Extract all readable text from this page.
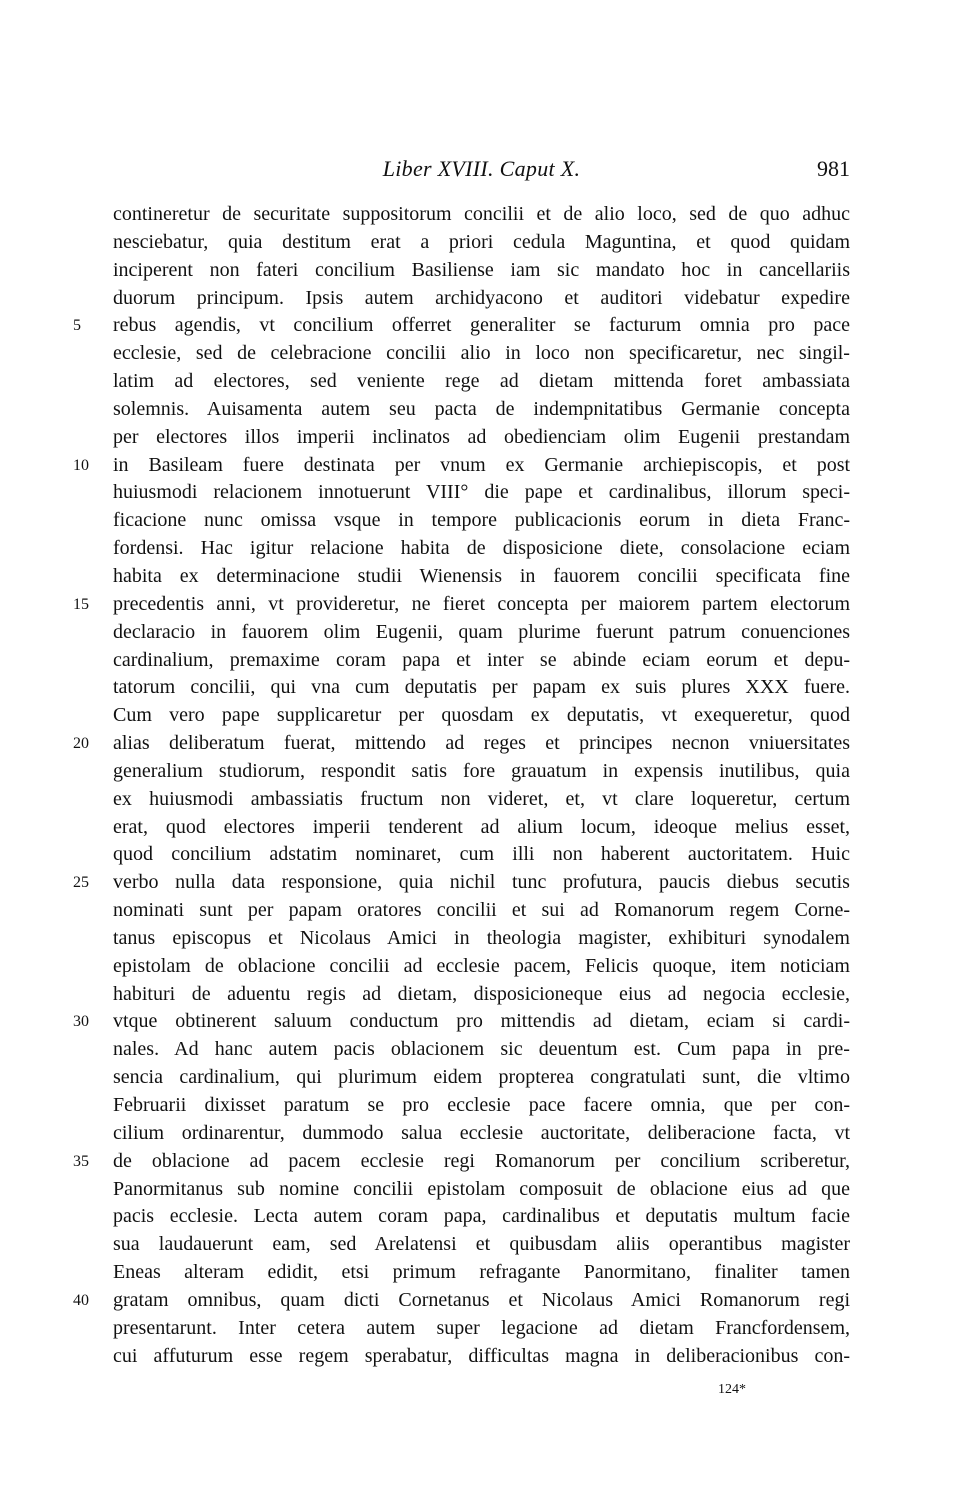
Liber XVIII. Caput X.	981
contineretur de securitate suppositorum concilii et de alio loco, sed de quo adhuc
nesciebatur, quia destitum erat a priori cedula Maguntina, et quod quidam
inciperent non fateri concilium Basiliense iam sic mandato hoc in cancellariis
duorum principum. Ipsis autem archidyacono et auditori videbatur expedire
5	rebus agendis, vt concilium offerret generaliter se facturum omnia pro pace
ecclesie, sed de celebracione concilii alio in loco non specificaretur, nec singil-
latim ad electores, sed veniente rege ad dietam mittenda foret ambassiata
solemnis. Auisamenta autem seu pacta de indempnitatibus Germanie concepta
per electores illos imperii inclinatos ad obedienciam olim Eugenii prestandam
10	in Basileam fuere destinata per vnum ex Germanie archiepiscopis, et post
huiusmodi relacionem innotuerunt VIII° die pape et cardinalibus, illorum speci-
ficacione nunc omissa vsque in tempore publicacionis eorum in dieta Franc-
fordensi. Hac igitur relacione habita de disposicione diete, consolacione eciam
habita ex determinacione studii Wienensis in fauorem concilii specificata fine
15	precedentis anni, vt provideretur, ne fieret concepta per maiorem partem electorum
declaracio in fauorem olim Eugenii, quam plurime fuerunt patrum conuenciones
cardinalium, premaxime coram papa et inter se abinde eciam eorum et depu-
tatorum concilii, qui vna cum deputatis per papam ex suis plures XXX fuere.
Cum vero pape supplicaretur per quosdam ex deputatis, vt exequeretur, quod
20	alias deliberatum fuerat, mittendo ad reges et principes necnon vniuersitates
generalium studiorum, respondit satis fore grauatum in expensis inutilibus, quia
ex huiusmodi ambassiatis fructum non videret, et, vt clare loqueretur, certum
erat, quod electores imperii tenderent ad alium locum, ideoque melius esset,
quod concilium adstatim nominaret, cum illi non haberent auctoritatem. Huic
25	verbo nulla data responsione, quia nichil tunc profutura, paucis diebus secutis
nominati sunt per papam oratores concilii et sui ad Romanorum regem Corne-
tanus episcopus et Nicolaus Amici in theologia magister, exhibituri synodalem
epistolam de oblacione concilii ad ecclesie pacem, Felicis quoque, item noticiam
habituri de aduentu regis ad dietam, disposicioneque eius ad negocia ecclesie,
30	vtque obtinerent saluum conductum pro mittendis ad dietam, eciam si cardi-
nales. Ad hanc autem pacis oblacionem sic deuentum est. Cum papa in pre-
sencia cardinalium, qui plurimum eidem propterea congratulati sunt, die vltimo
Februarii dixisset paratum se pro ecclesie pace facere omnia, que per con-
cilium ordinarentur, dummodo salua ecclesie auctoritate, deliberacione facta, vt
35	de oblacione ad pacem ecclesie regi Romanorum per concilium scriberetur,
Panormitanus sub nomine concilii epistolam composuit de oblacione eius ad que
pacis ecclesie. Lecta autem coram papa, cardinalibus et deputatis multum facie
sua laudauerunt eam, sed Arelatensi et quibusdam aliis operantibus magister
Eneas alteram edidit, etsi primum refragante Panormitano, finaliter tamen
40	gratam omnibus, quam dicti Cornetanus et Nicolaus Amici Romanorum regi
presentarunt. Inter cetera autem super legacione ad dietam Francfordensem,
cui affuturum esse regem sperabatur, difficultas magna in deliberacionibus con-
124*
